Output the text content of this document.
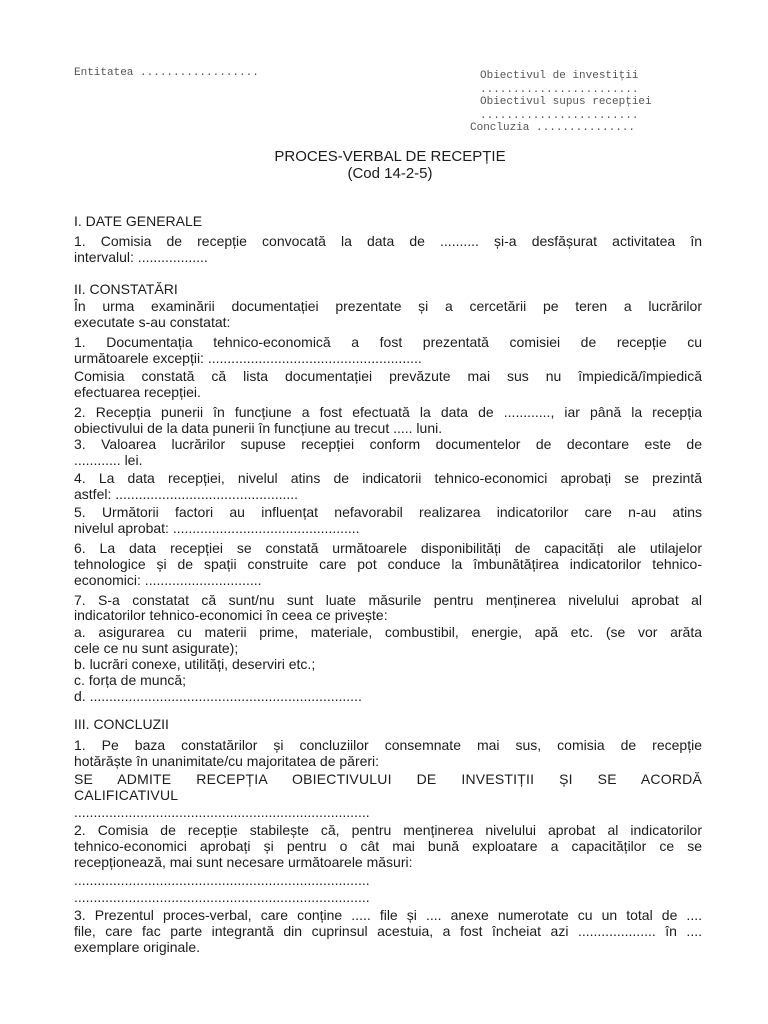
Entitatea ..................	Obiectivul de investiții
........................
Obiectivul supus recepției
........................
Concluzia ...............
PROCES-VERBAL DE RECEPȚIE
(Cod 14-2-5)
I. DATE GENERALE
1. Comisia de recepție convocată la data de .......... și-a desfășurat activitatea în
intervalul: ..................
II. CONSTATĂRI
În urma examinării documentației prezentate și a cercetării pe teren a lucrărilor
executate s-au constatat:
1. Documentația tehnico-economică a fost prezentată comisiei de recepție cu
următoarele excepții: .......................................................
Comisia constată că lista documentației prevăzute mai sus nu împiedică/împiedică
efectuarea recepției.
2. Recepția punerii în funcțiune a fost efectuată la data de ............, iar până la recepția
obiectivului de la data punerii în funcțiune au trecut ..... luni.
3. Valoarea lucrărilor supuse recepției conform documentelor de decontare este de
............ lei.
4. La data recepției, nivelul atins de indicatorii tehnico-economici aprobați se prezintă
astfel: ...............................................
5. Următorii factori au influențat nefavorabil realizarea indicatorilor care n-au atins
nivelul aprobat: ................................................
6. La data recepției se constată următoarele disponibilități de capacități ale utilajelor
tehnologice și de spații construite care pot conduce la îmbunătățirea indicatorilor tehnico-
economici: ..............................
7. S-a constatat că sunt/nu sunt luate măsurile pentru menținerea nivelului aprobat al
indicatorilor tehnico-economici în ceea ce privește:
a. asigurarea cu materii prime, materiale, combustibil, energie, apă etc. (se vor arăta
cele ce nu sunt asigurate);
b. lucrări conexe, utilități, deserviri etc.;
c. forța de muncă;
d. ......................................................................
III. CONCLUZII
1. Pe baza constatărilor și concluziilor consemnate mai sus, comisia de recepție
hotărăște în unanimitate/cu majoritatea de păreri:
SE ADMITE RECEPȚIA OBIECTIVULUI DE INVESTIȚII ȘI SE ACORDĂ
CALIFICATIVUL
............................................................................
2. Comisia de recepție stabilește că, pentru menținerea nivelului aprobat al indicatorilor
tehnico-economici aprobați și pentru o cât mai bună exploatare a capacităților ce se
recepționează, mai sunt necesare următoarele măsuri:
............................................................................
............................................................................
3. Prezentul proces-verbal, care conține ..... file și .... anexe numerotate cu un total de ....
file, care fac parte integrantă din cuprinsul acestuia, a fost încheiat azi .................... în ....
exemplare originale.
